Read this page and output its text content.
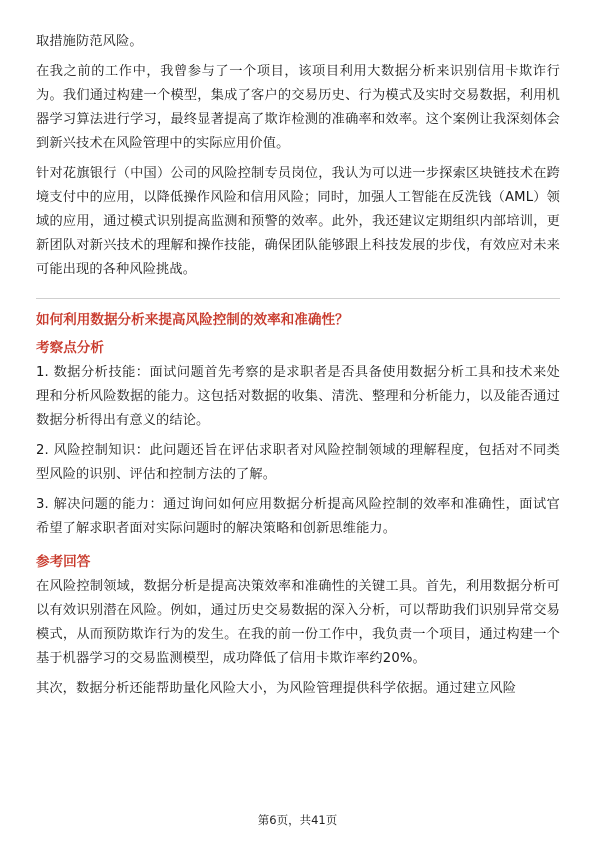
取措施防范风险。

在我之前的工作中，我曾参与了一个项目，该项目利用大数据分析来识别信用卡欺诈行为。我们通过构建一个模型，集成了客户的交易历史、行为模式及实时交易数据，利用机器学习算法进行学习，最终显著提高了欺诈检测的准确率和效率。这个案例让我深刻体会到新兴技术在风险管理中的实际应用价值。

针对花旗银行（中国）公司的风险控制专员岗位，我认为可以进一步探索区块链技术在跨境支付中的应用，以降低操作风险和信用风险；同时，加强人工智能在反洗钱（AML）领域的应用，通过模式识别提高监测和预警的效率。此外，我还建议定期组织内部培训，更新团队对新兴技术的理解和操作技能，确保团队能够跟上科技发展的步伐，有效应对未来可能出现的各种风险挑战。

如何利用数据分析来提高风险控制的效率和准确性？
考察点分析

1. 数据分析技能：面试问题首先考察的是求职者是否具备使用数据分析工具和技术来处理和分析风险数据的能力。这包括对数据的收集、清洗、整理和分析能力，以及能否通过数据分析得出有意义的结论。

2. 风险控制知识：此问题还旨在评估求职者对风险控制领域的理解程度，包括对不同类型风险的识别、评估和控制方法的了解。

3. 解决问题的能力：通过询问如何应用数据分析提高风险控制的效率和准确性，面试官希望了解求职者面对实际问题时的解决策略和创新思维能力。

参考回答

在风险控制领域，数据分析是提高决策效率和准确性的关键工具。首先，利用数据分析可以有效识别潜在风险。例如，通过历史交易数据的深入分析，可以帮助我们识别异常交易模式，从而预防欺诈行为的发生。在我的前一份工作中，我负责一个项目，通过构建一个基于机器学习的交易监测模型，成功降低了信用卡欺诈率约20%。

其次，数据分析还能帮助量化风险大小，为风险管理提供科学依据。通过建立风险

第6页，共41页
